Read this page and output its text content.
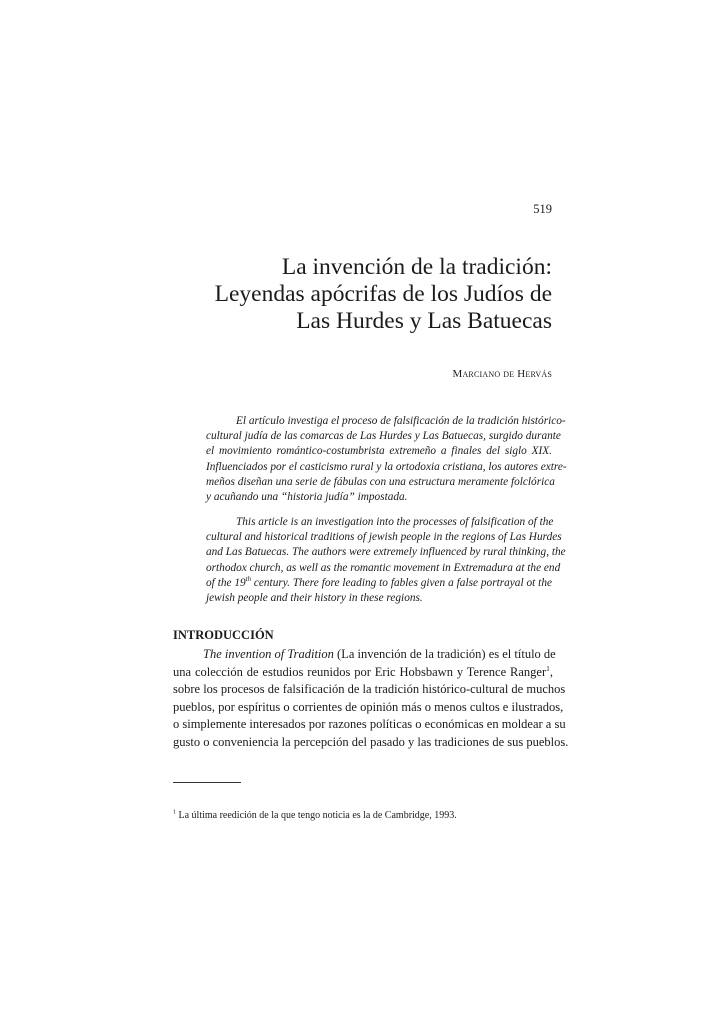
519
La invención de la tradición:
Leyendas apócrifas de los Judíos de
Las Hurdes y Las Batuecas
Marciano de Hervás
El artículo investiga el proceso de falsificación de la tradición histórico-
cultural judía de las comarcas de Las Hurdes y Las Batuecas, surgido durante
el movimiento romántico-costumbrista extremeño a finales del siglo XIX.
Influenciados por el casticismo rural y la ortodoxia cristiana, los autores extre-
meños diseñan una serie de fábulas con una estructura meramente folclórica
y acuñando una “historia judía” impostada.
This article is an investigation into the processes of falsification of the
cultural and historical traditions of jewish people in the regions of Las Hurdes
and Las Batuecas. The authors were extremely influenced by rural thinking, the
orthodox church, as well as the romantic movement in Extremadura at the end
of the 19th century. There fore leading to fables given a false portrayal ot the
jewish people and their history in these regions.
INTRODUCCIÓN
The invention of Tradition (La invención de la tradición) es el título de
una colección de estudios reunidos por Eric Hobsbawn y Terence Ranger$^1$,
sobre los procesos de falsificación de la tradición histórico-cultural de muchos
pueblos, por espíritus o corrientes de opinión más o menos cultos e ilustrados,
o simplemente interesados por razones políticas o económicas en moldear a su
gusto o conveniencia la percepción del pasado y las tradiciones de sus pueblos.
$^1$ La última reedición de la que tengo noticia es la de Cambridge, 1993.
